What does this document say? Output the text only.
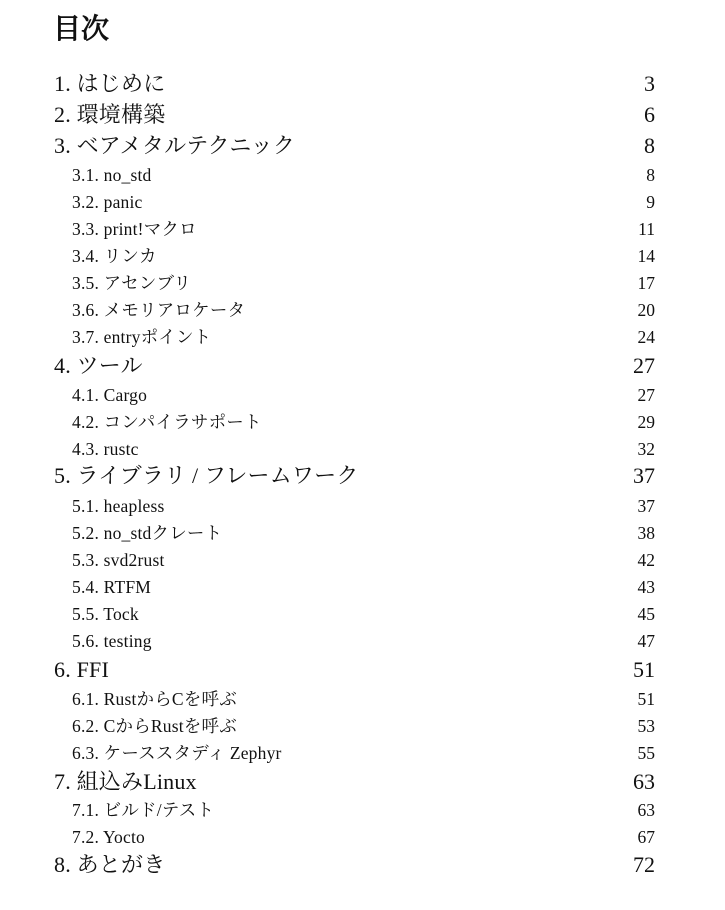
目次
1. はじめに	3
2. 環境構築	6
3. ベアメタルテクニック	8
3.1. no_std	8
3.2. panic	9
3.3. print!マクロ	11
3.4. リンカ	14
3.5. アセンブリ	17
3.6. メモリアロケータ	20
3.7. entryポイント	24
4. ツール	27
4.1. Cargo	27
4.2. コンパイラサポート	29
4.3. rustc	32
5. ライブラリ / フレームワーク	37
5.1. heapless	37
5.2. no_stdクレート	38
5.3. svd2rust	42
5.4. RTFM	43
5.5. Tock	45
5.6. testing	47
6. FFI	51
6.1. RustからCを呼ぶ	51
6.2. CからRustを呼ぶ	53
6.3. ケーススタディ Zephyr	55
7. 組込みLinux	63
7.1. ビルド/テスト	63
7.2. Yocto	67
8. あとがき	72
